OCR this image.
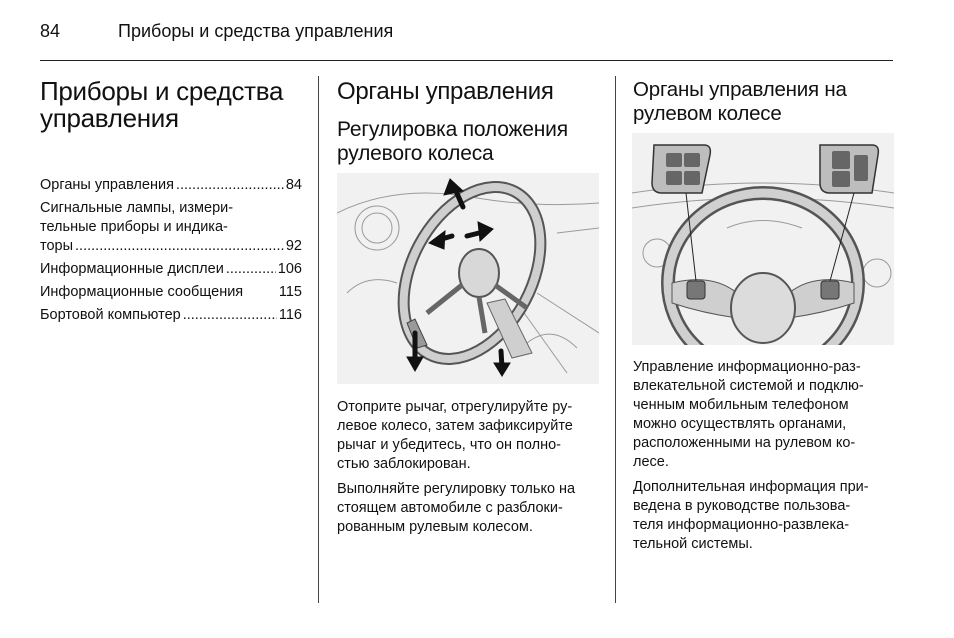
84	Приборы и средства управления
Приборы и средства
управления
Органы управления .....	84
Сигнальные лампы, измери-
тельные приборы и индика-
торы .....	92
Информационные дисплеи .....	106
Информационные сообщения 115
Бортовой компьютер .....	116
Органы управления
Регулировка положения
рулевого колеса

Отоприте рычаг, отрегулируйте ру-
левое колесо, затем зафиксируйте
рычаг и убедитесь, что он полно-
стью заблокирован.

Выполняйте регулировку только на
стоящем автомобиле с разблоки-
рованным рулевым колесом.

Органы управления на
рулевом колесе

Управление информационно-раз-
влекательной системой и подклю-
ченным мобильным телефоном
можно осуществлять органами,
расположенными на рулевом ко-
лесе.

Дополнительная информация при-
ведена в руководстве пользова-
теля информационно-развлека-
тельной системы.
